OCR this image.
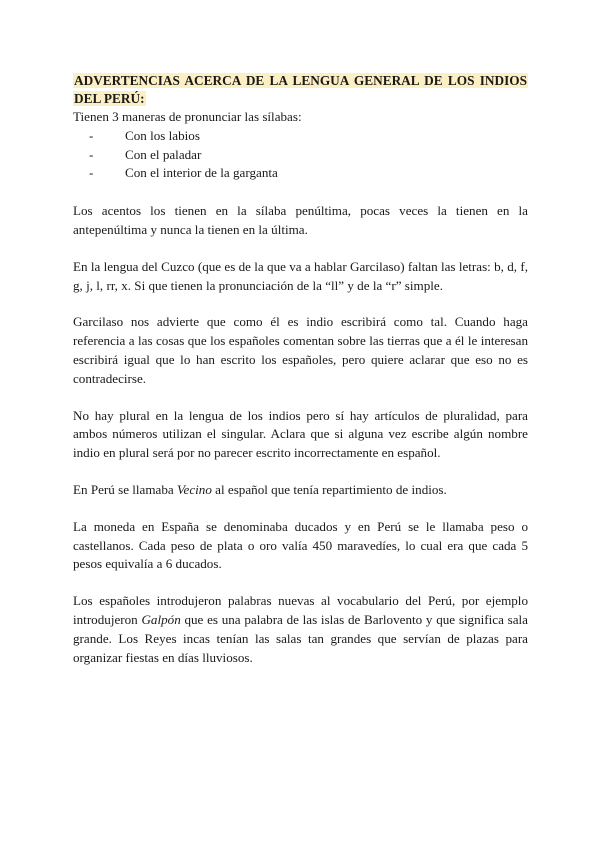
ADVERTENCIAS ACERCA DE LA LENGUA GENERAL DE LOS INDIOS DEL PERÚ:

Tienen 3 maneras de pronunciar las sílabas:

- Con los labios
- Con el paladar
- Con el interior de la garganta

Los acentos los tienen en la sílaba penúltima, pocas veces la tienen en la antepenúltima y nunca la tienen en la última.

En la lengua del Cuzco (que es de la que va a hablar Garcilaso) faltan las letras: b, d, f, g, j, l, rr, x. Si que tienen la pronunciación de la “ll” y de la “r” simple.

Garcilaso nos advierte que como él es indio escribirá como tal. Cuando haga referencia a las cosas que los españoles comentan sobre las tierras que a él le interesan escribirá igual que lo han escrito los españoles, pero quiere aclarar que eso no es contradecirse.

No hay plural en la lengua de los indios pero sí hay artículos de pluralidad, para ambos números utilizan el singular. Aclara que si alguna vez escribe algún nombre indio en plural será por no parecer escrito incorrectamente en español.

En Perú se llamaba Vecino al español que tenía repartimiento de indios.

La moneda en España se denominaba ducados y en Perú se le llamaba peso o castellanos. Cada peso de plata o oro valía 450 maravedíes, lo cual era que cada 5 pesos equivalía a 6 ducados.

Los españoles introdujeron palabras nuevas al vocabulario del Perú, por ejemplo introdujeron Galpón que es una palabra de las islas de Barlovento y que significa sala grande. Los Reyes incas tenían las salas tan grandes que servían de plazas para organizar fiestas en días lluviosos.
